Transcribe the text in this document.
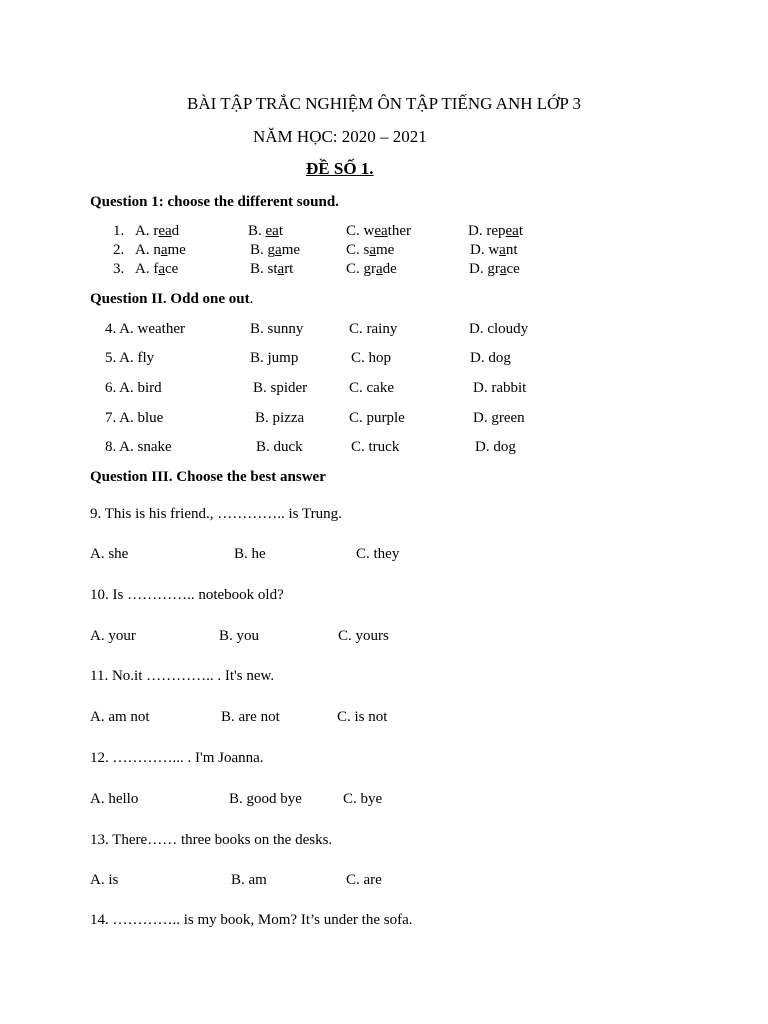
BÀI TẬP TRẮC NGHIỆM ÔN TẬP TIẾNG ANH LỚP 3
NĂM HỌC: 2020 – 2021
ĐỀ SỐ 1.
Question 1: choose the different sound.
1. A. read	B. eat	C. weather	D. repeat
2. A. name	B. game	C. same	D. want
3. A. face	B. start	C. grade	D. grace
Question II. Odd one out.
4. A. weather	B. sunny	C. rainy	D. cloudy
5. A. fly	B. jump	C. hop	D. dog
6. A. bird	B. spider	C. cake	D. rabbit
7. A. blue	B. pizza	C. purple	D. green
8. A. snake	B. duck	C. truck	D. dog
Question III. Choose the best answer
9. This is his friend., ………….. is Trung.
A. she	B. he	C. they
10. Is ………….. notebook old?
A. your	B. you	C. yours
11. No.it ………….. . It's new.
A. am not	B. are not	C. is not
12. …………... . I'm Joanna.
A. hello	B. good bye	C. bye
13. There…… three books on the desks.
A. is	B. am	C. are
14. ………….. is my book, Mom? It’s under the sofa.
